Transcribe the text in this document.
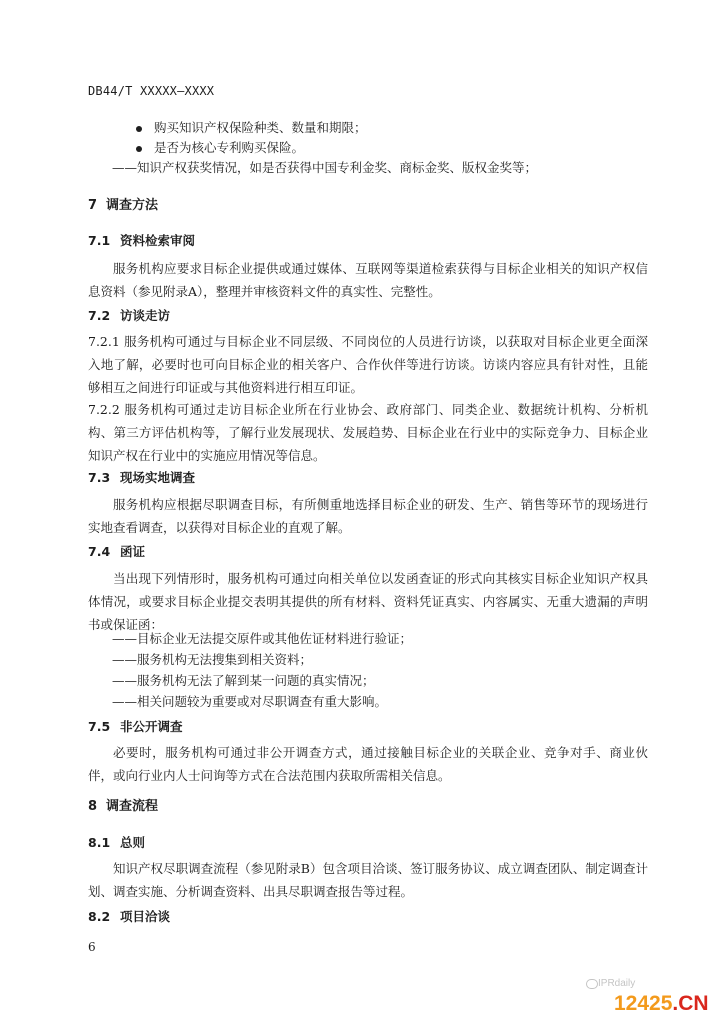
DB44/T XXXXX—XXXX
购买知识产权保险种类、数量和期限；
是否为核心专利购买保险。
——知识产权获奖情况，如是否获得中国专利金奖、商标金奖、版权金奖等；
7 调查方法
7.1 资料检索审阅
服务机构应要求目标企业提供或通过媒体、互联网等渠道检索获得与目标企业相关的知识产权信息资料（参见附录A），整理并审核资料文件的真实性、完整性。
7.2 访谈走访
7.2.1 服务机构可通过与目标企业不同层级、不同岗位的人员进行访谈，以获取对目标企业更全面深入地了解，必要时也可向目标企业的相关客户、合作伙伴等进行访谈。访谈内容应具有针对性，且能够相互之间进行印证或与其他资料进行相互印证。
7.2.2 服务机构可通过走访目标企业所在行业协会、政府部门、同类企业、数据统计机构、分析机构、第三方评估机构等，了解行业发展现状、发展趋势、目标企业在行业中的实际竞争力、目标企业知识产权在行业中的实施应用情况等信息。
7.3 现场实地调查
服务机构应根据尽职调查目标，有所侧重地选择目标企业的研发、生产、销售等环节的现场进行实地查看调查，以获得对目标企业的直观了解。
7.4 函证
当出现下列情形时，服务机构可通过向相关单位以发函查证的形式向其核实目标企业知识产权具体情况，或要求目标企业提交表明其提供的所有材料、资料凭证真实、内容属实、无重大遗漏的声明书或保证函：
——目标企业无法提交原件或其他佐证材料进行验证；
——服务机构无法搜集到相关资料；
——服务机构无法了解到某一问题的真实情况；
——相关问题较为重要或对尽职调查有重大影响。
7.5 非公开调查
必要时，服务机构可通过非公开调查方式，通过接触目标企业的关联企业、竞争对手、商业伙伴，或向行业内人士问询等方式在合法范围内获取所需相关信息。
8 调查流程
8.1 总则
知识产权尽职调查流程（参见附录B）包含项目洽谈、签订服务协议、成立调查团队、制定调查计划、调查实施、分析调查资料、出具尽职调查报告等过程。
8.2 项目洽谈
6
IPRdaily
12425.CN
